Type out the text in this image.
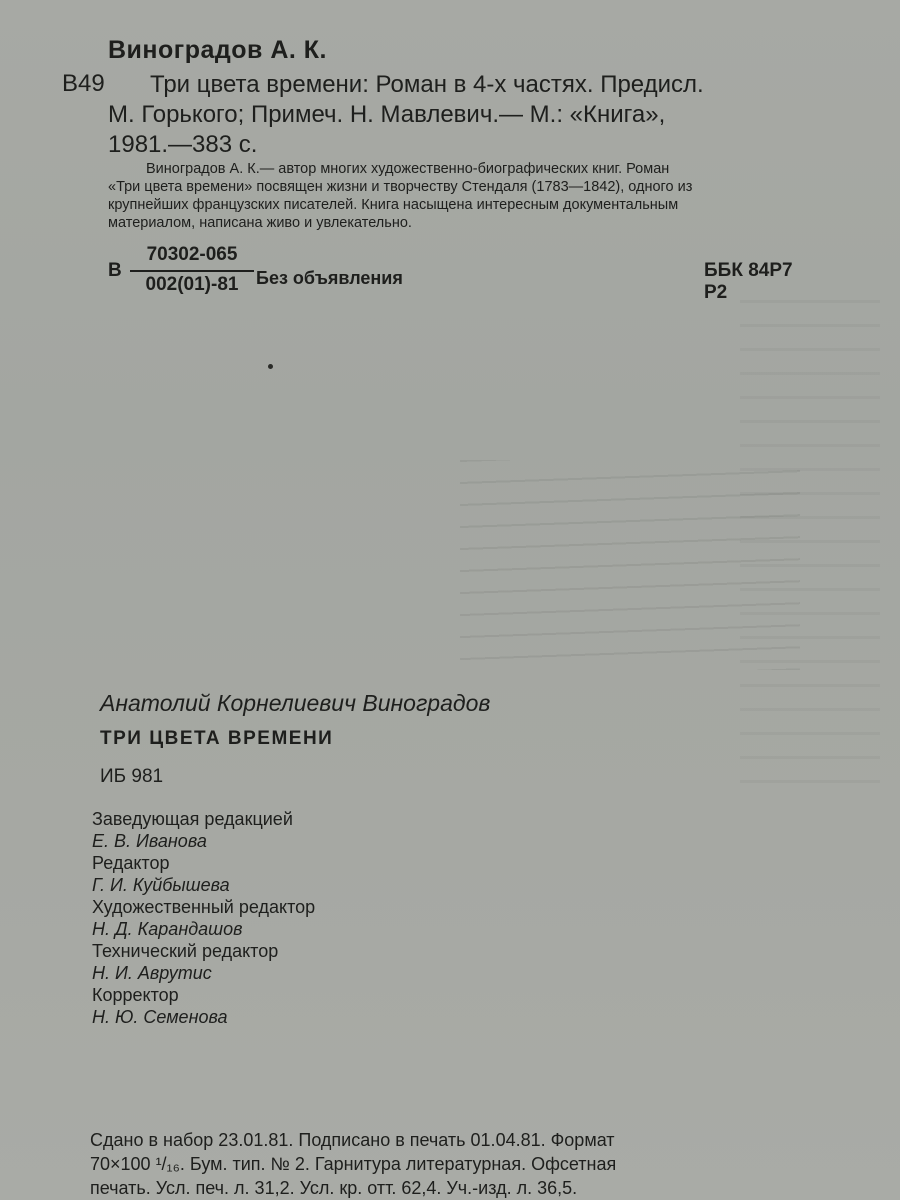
Виноградов А. К.
В49 Три цвета времени: Роман в 4-х частях. Предисл.
М. Горького; Примеч. Н. Мавлевич.— М.: «Книга»,
1981.—383 с.
Виноградов А. К.— автор многих художественно-биографических книг. Роман
«Три цвета времени» посвящен жизни и творчеству Стендаля (1783—1842), одного из
крупнейших французских писателей. Книга насыщена интересным документальным
материалом, написана живо и увлекательно.
В
70302-065
002(01)-81 Без объявления	ББК 84Р7
Р2
Анатолий Корнелиевич Виноградов
ТРИ ЦВЕТА ВРЕМЕНИ
ИБ 981
Заведующая редакцией
Е. В. Иванова
Редактор
Г. И. Куйбышева
Художественный редактор
Н. Д. Карандашов
Технический редактор
Н. И. Аврутис
Корректор
Н. Ю. Семенова
Сдано в набор 23.01.81. Подписано в печать 01.04.81. Формат
70×100 ¹/₁₆. Бум. тип. № 2. Гарнитура литературная. Офсетная
печать. Усл. печ. л. 31,2. Усл. кр. отт. 62,4. Уч.-изд. л. 36,5.
